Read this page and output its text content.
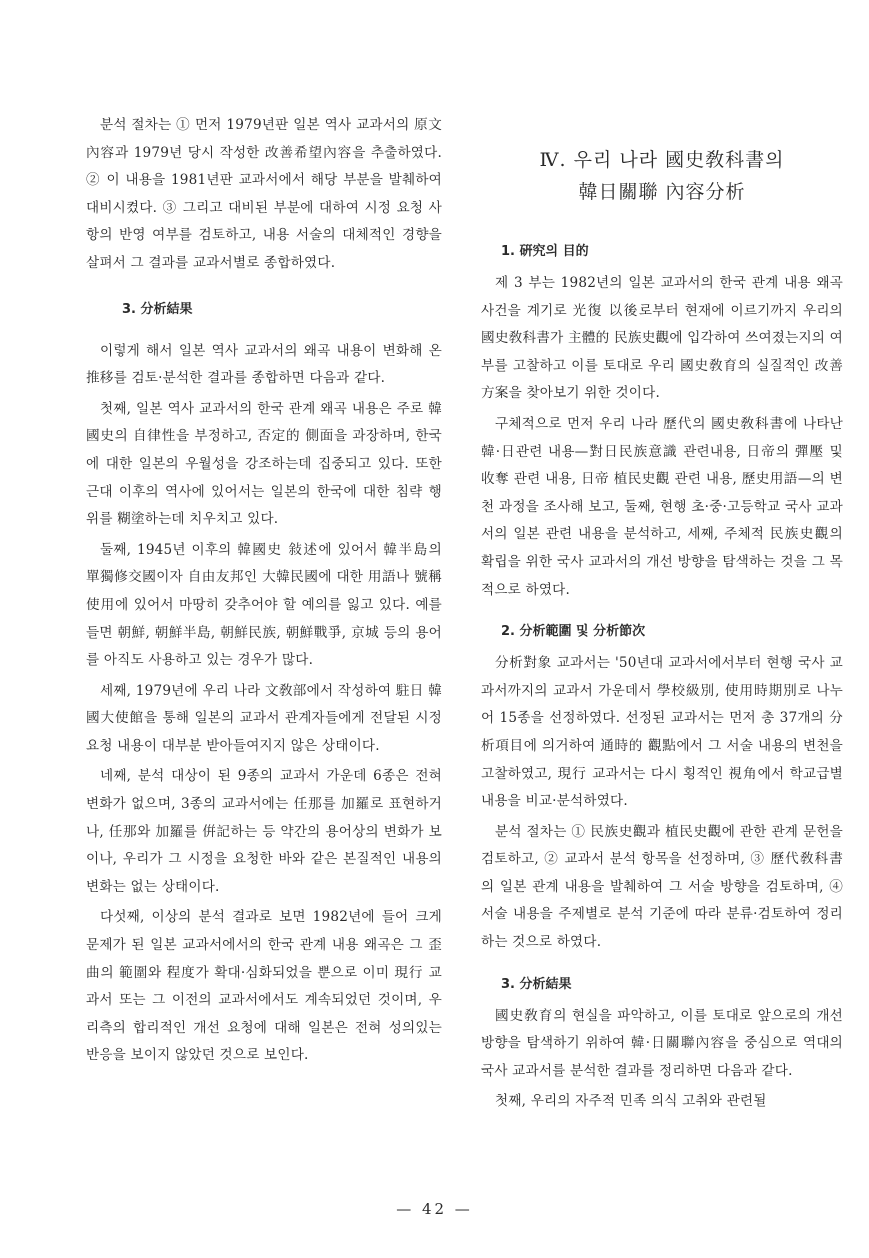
분석 절차는 ① 먼저 1979년판 일본 역사 교과서의 原文內容과 1979년 당시 작성한 改善希望內容을 추출하였다. ② 이 내용을 1981년판 교과서에서 해당 부분을 발췌하여 대비시켰다. ③ 그리고 대비된 부분에 대하여 시정 요청 사항의 반영 여부를 검토하고, 내용 서술의 대체적인 경향을 살펴서 그 결과를 교과서별로 종합하였다.

3. 分析結果

이렇게 해서 일본 역사 교과서의 왜곡 내용이 변화해 온 推移를 검토·분석한 결과를 종합하면 다음과 같다.

첫째, 일본 역사 교과서의 한국 관계 왜곡 내용은 주로 韓國史의 自律性을 부정하고, 否定的 側面을 과장하며, 한국에 대한 일본의 우월성을 강조하는데 집중되고 있다. 또한 근대 이후의 역사에 있어서는 일본의 한국에 대한 침략 행위를 糊塗하는데 치우치고 있다.

둘째, 1945년 이후의 韓國史 敍述에 있어서 韓半島의 單獨修交國이자 自由友邦인 大韓民國에 대한 用語나 號稱使用에 있어서 마땅히 갖추어야 할 예의를 잃고 있다. 예를 들면 朝鮮, 朝鮮半島, 朝鮮民族, 朝鮮戰爭, 京城 등의 용어를 아직도 사용하고 있는 경우가 많다.

세째, 1979년에 우리 나라 文敎部에서 작성하여 駐日 韓國大使館을 통해 일본의 교과서 관계자들에게 전달된 시정 요청 내용이 대부분 받아들여지지 않은 상태이다.

네째, 분석 대상이 된 9종의 교과서 가운데 6종은 전혀 변화가 없으며, 3종의 교과서에는 任那를 加羅로 표현하거나, 任那와 加羅를 倂記하는 등 약간의 용어상의 변화가 보이나, 우리가 그 시정을 요청한 바와 같은 본질적인 내용의 변화는 없는 상태이다.

다섯째, 이상의 분석 결과로 보면 1982년에 들어 크게 문제가 된 일본 교과서에서의 한국 관계 내용 왜곡은 그 歪曲의 範圍와 程度가 확대·심화되었을 뿐으로 이미 現行 교과서 또는 그 이전의 교과서에서도 계속되었던 것이며, 우리측의 합리적인 개선 요청에 대해 일본은 전혀 성의있는 반응을 보이지 않았던 것으로 보인다.

Ⅳ. 우리 나라 國史敎科書의
韓日關聯 內容分析
1. 硏究의 目的

제 3 부는 1982년의 일본 교과서의 한국 관계 내용 왜곡 사건을 계기로 光復 以後로부터 현재에 이르기까지 우리의 國史敎科書가 主體的 民族史觀에 입각하여 쓰여졌는지의 여부를 고찰하고 이를 토대로 우리 國史敎育의 실질적인 改善方案을 찾아보기 위한 것이다.

구체적으로 먼저 우리 나라 歷代의 國史敎科書에 나타난 韓·日관련 내용—對日民族意識 관련내용, 日帝의 彈壓 및 收奪 관련 내용, 日帝 植民史觀 관련 내용, 歷史用語—의 변천 과정을 조사해 보고, 둘째, 현행 초·중·고등학교 국사 교과서의 일본 관련 내용을 분석하고, 세째, 주체적 民族史觀의 확립을 위한 국사 교과서의 개선 방향을 탐색하는 것을 그 목적으로 하였다.

2. 分析範圍 및 分析節次

分析對象 교과서는 '50년대 교과서에서부터 현행 국사 교과서까지의 교과서 가운데서 學校級別, 使用時期別로 나누어 15종을 선정하였다. 선정된 교과서는 먼저 총 37개의 分析項目에 의거하여 通時的 觀點에서 그 서술 내용의 변천을 고찰하였고, 現行 교과서는 다시 횡적인 視角에서 학교급별 내용을 비교·분석하였다.

분석 절차는 ① 民族史觀과 植民史觀에 관한 관계 문헌을 검토하고, ② 교과서 분석 항목을 선정하며, ③ 歷代敎科書의 일본 관계 내용을 발췌하여 그 서술 방향을 검토하며, ④ 서술 내용을 주제별로 분석 기준에 따라 분류·검토하여 정리하는 것으로 하였다.

3. 分析結果

國史敎育의 현실을 파악하고, 이를 토대로 앞으로의 개선 방향을 탐색하기 위하여 韓·日關聯內容을 중심으로 역대의 국사 교과서를 분석한 결과를 정리하면 다음과 같다.

첫째, 우리의 자주적 민족 의식 고취와 관련될

— 42 —
